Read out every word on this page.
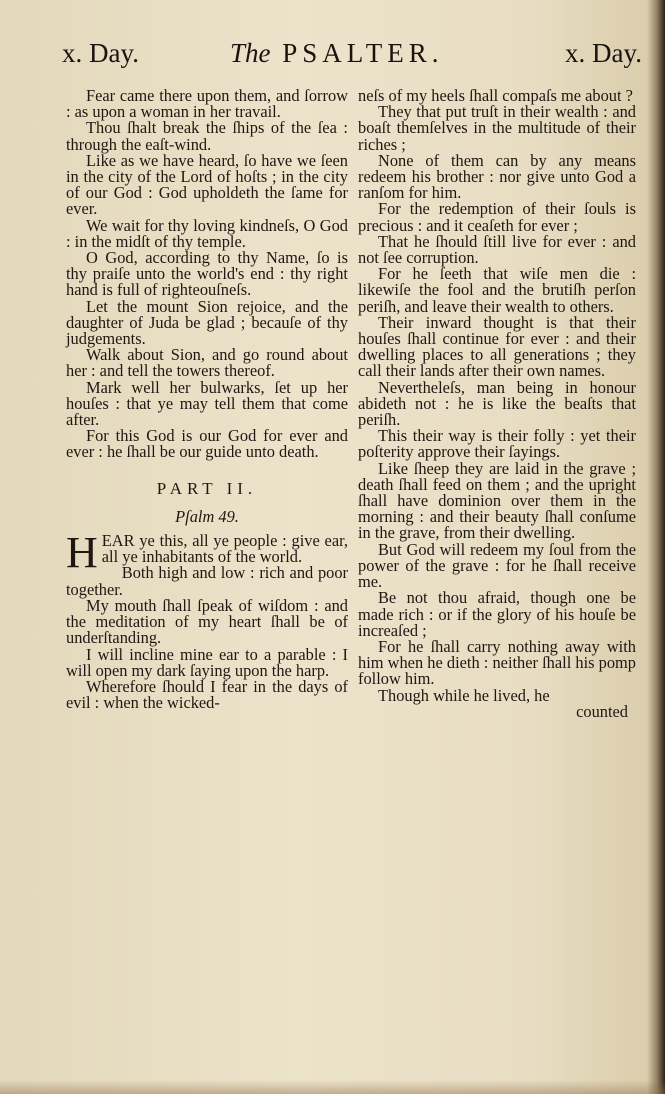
x. Day.	The PSALTER.	x. Day.

Fear came there upon them, and ſorrow : as upon a woman in her travail.

Thou ſhalt break the ſhips of the ſea : through the eaſt-wind.

Like as we have heard, ſo have we ſeen in the city of the Lord of hoſts ; in the city of our God : God upholdeth the ſame for ever.

We wait for thy loving kindneſs, O God : in the midſt of thy temple.

O God, according to thy Name, ſo is thy praiſe unto the world's end : thy right hand is full of righteouſneſs.

Let the mount Sion rejoice, and the daughter of Juda be glad ; becauſe of thy judgements.

Walk about Sion, and go round about her : and tell the towers thereof.

Mark well her bulwarks, ſet up her houſes : that ye may tell them that come after.

For this God is our God for ever and ever : he ſhall be our guide unto death.

PART II.

Pſalm 49.

HEAR ye this, all ye people : give ear, all ye inhabitants of the world.

Both high and low : rich and poor together.

My mouth ſhall ſpeak of wiſdom : and the meditation of my heart ſhall be of underſtanding.

I will incline mine ear to a parable : I will open my dark ſaying upon the harp.

Wherefore ſhould I fear in the days of evil : when the wicked-

neſs of my heels ſhall compaſs me about ?

They that put truſt in their wealth : and boaſt themſelves in the multitude of their riches ;

None of them can by any means redeem his brother : nor give unto God a ranſom for him.

For the redemption of their ſouls is precious : and it ceaſeth for ever ;

That he ſhould ſtill live for ever : and not ſee corruption.

For he ſeeth that wiſe men die : likewiſe the fool and the brutiſh perſon periſh, and leave their wealth to others.

Their inward thought is that their houſes ſhall continue for ever : and their dwelling places to all generations ; they call their lands after their own names.

Nevertheleſs, man being in honour abideth not : he is like the beaſts that periſh.

This their way is their folly : yet their poſterity approve their ſayings.

Like ſheep they are laid in the grave ; death ſhall feed on them ; and the upright ſhall have dominion over them in the morning : and their beauty ſhall conſume in the grave, from their dwelling.

But God will redeem my ſoul from the power of the grave : for he ſhall receive me.

Be not thou afraid, though one be made rich : or if the glory of his houſe be increaſed ;

For he ſhall carry nothing away with him when he dieth : neither ſhall his pomp follow him.

Though while he lived, he

counted
